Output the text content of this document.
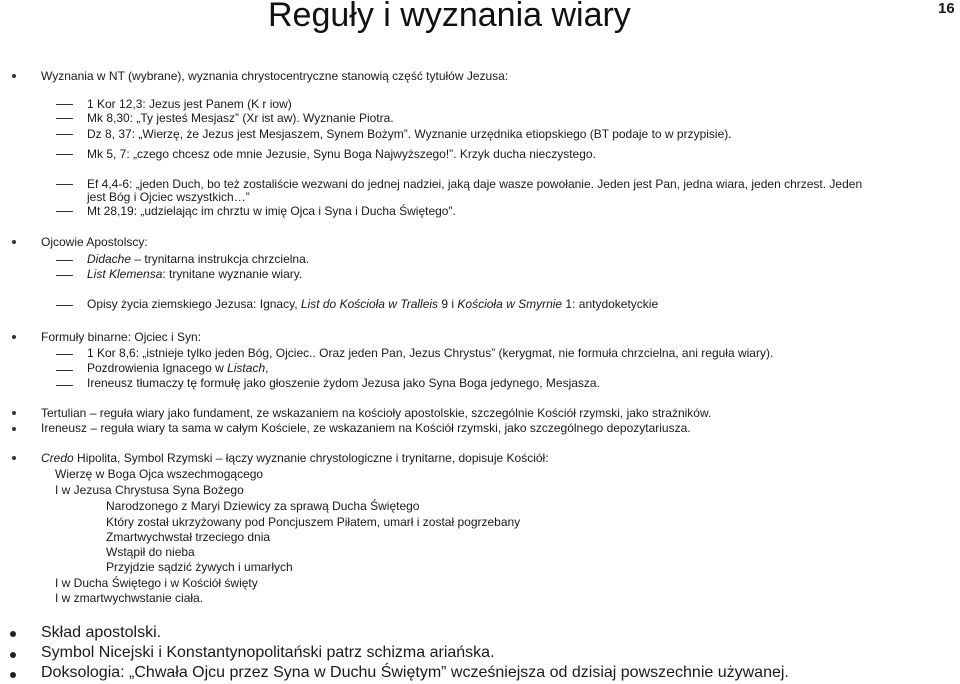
Reguły i wyznania wiary	16
Wyznania w NT (wybrane), wyznania chrystocentryczne stanowią część tytułów Jezusa:
1 Kor 12,3: Jezus jest Panem (K r iow)
Mk 8,30: „Ty jesteś Mesjasz” (Xr ist aw). Wyznanie Piotra.
Dz 8, 37: „Wierzę, że Jezus jest Mesjaszem, Synem Bożym”. Wyznanie urzędnika etiopskiego (BT podaje to w przypisie).
Mk 5, 7: „czego chcesz ode mnie Jezusie, Synu Boga Najwyższego!”. Krzyk ducha nieczystego.
Ef 4,4-6: „jeden Duch, bo też zostaliście wezwani do jednej nadziei, jaką daje wasze powołanie. Jeden jest Pan, jedna wiara, jeden chrzest. Jeden
jest Bóg i Ojciec wszystkich…”
Mt 28,19: „udzielając im chrztu w imię Ojca i Syna i Ducha Świętego”.
Ojcowie Apostolscy:
Didache – trynitarna instrukcja chrzcielna.
List Klemensa: trynitane wyznanie wiary.
Opisy życia ziemskiego Jezusa: Ignacy, List do Kościoła w Tralleis 9 i Kościoła w Smyrnie 1: antydoketyckie
Formuły binarne: Ojciec i Syn:
1 Kor 8,6: „istnieje tylko jeden Bóg, Ojciec.. Oraz jeden Pan, Jezus Chrystus” (kerygmat, nie formuła chrzcielna, ani reguła wiary).
Pozdrowienia Ignacego w Listach,
Ireneusz tłumaczy tę formułę jako głoszenie żydom Jezusa jako Syna Boga jedynego, Mesjasza.
Tertulian – reguła wiary jako fundament, ze wskazaniem na kościoły apostolskie, szczególnie Kościół rzymski, jako strażników.
Ireneusz – reguła wiary ta sama w całym Kościele, ze wskazaniem na Kościół rzymski, jako szczególnego depozytariusza.
Credo Hipolita, Symbol Rzymski – łączy wyznanie chrystologiczne i trynitarne, dopisuje Kościół:
Wierzę w Boga Ojca wszechmogącego
I w Jezusa Chrystusa Syna Bożego
Narodzonego z Maryi Dziewicy za sprawą Ducha Świętego
Który został ukrzyżowany pod Poncjuszem Piłatem, umarł i został pogrzebany
Zmartwychwstał trzeciego dnia
Wstąpił do nieba
Przyjdzie sądzić żywych i umarłych
I w Ducha Świętego i w Kościół święty
I w zmartwychwstanie ciała.
Skład apostolski.
Symbol Nicejski i Konstantynopolitański patrz schizma ariańska.
Doksologia: „Chwała Ojcu przez Syna w Duchu Świętym” wcześniejsza od dzisiaj powszechnie używanej.
